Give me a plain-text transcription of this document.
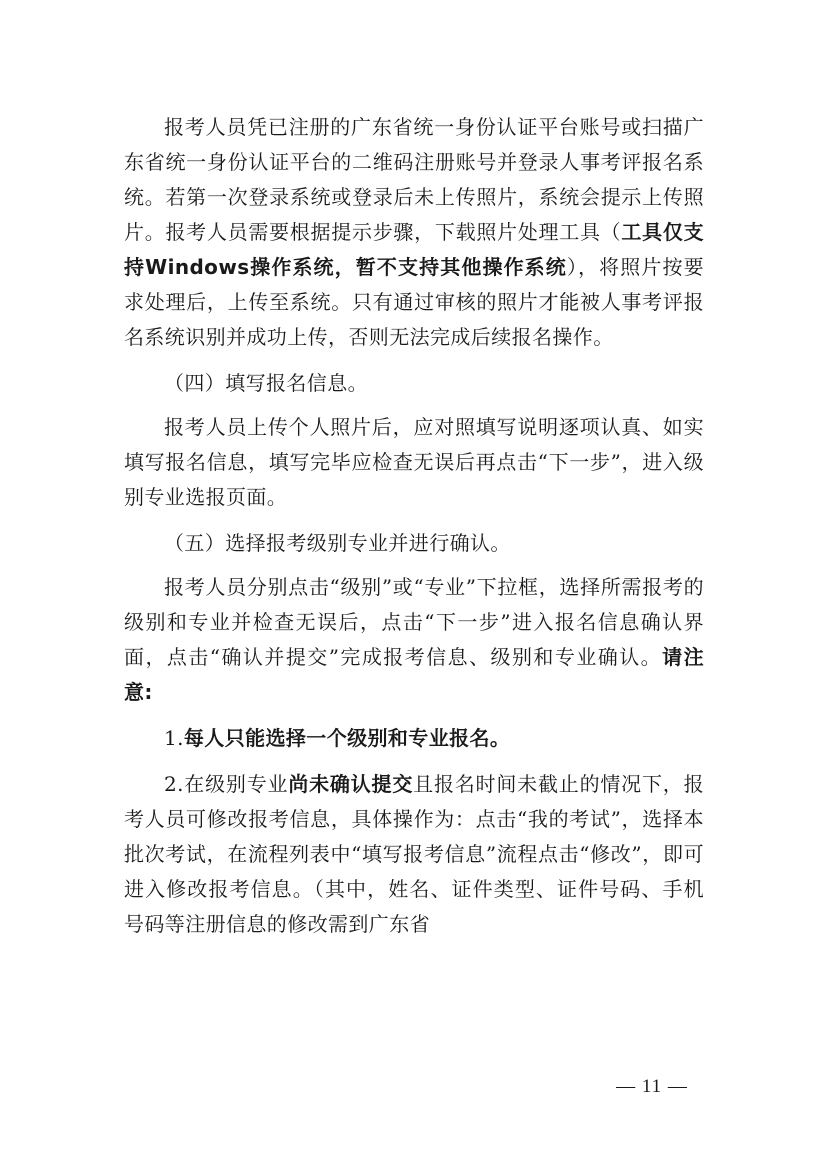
报考人员凭已注册的广东省统一身份认证平台账号或扫描广东省统一身份认证平台的二维码注册账号并登录人事考评报名系统。若第一次登录系统或登录后未上传照片，系统会提示上传照片。报考人员需要根据提示步骤，下载照片处理工具（工具仅支持Windows操作系统，暂不支持其他操作系统），将照片按要求处理后，上传至系统。只有通过审核的照片才能被人事考评报名系统识别并成功上传，否则无法完成后续报名操作。

（四）填写报名信息。

报考人员上传个人照片后，应对照填写说明逐项认真、如实填写报名信息，填写完毕应检查无误后再点击“下一步”，进入级别专业选报页面。

（五）选择报考级别专业并进行确认。

报考人员分别点击“级别”或“专业”下拉框，选择所需报考的级别和专业并检查无误后，点击“下一步”进入报名信息确认界面，点击“确认并提交”完成报考信息、级别和专业确认。请注意:

1.每人只能选择一个级别和专业报名。

2.在级别专业尚未确认提交且报名时间未截止的情况下，报考人员可修改报考信息，具体操作为：点击“我的考试”，选择本批次考试，在流程列表中“填写报考信息”流程点击“修改”，即可进入修改报考信息。（其中，姓名、证件类型、证件号码、手机号码等注册信息的修改需到广东省

— 11 —
